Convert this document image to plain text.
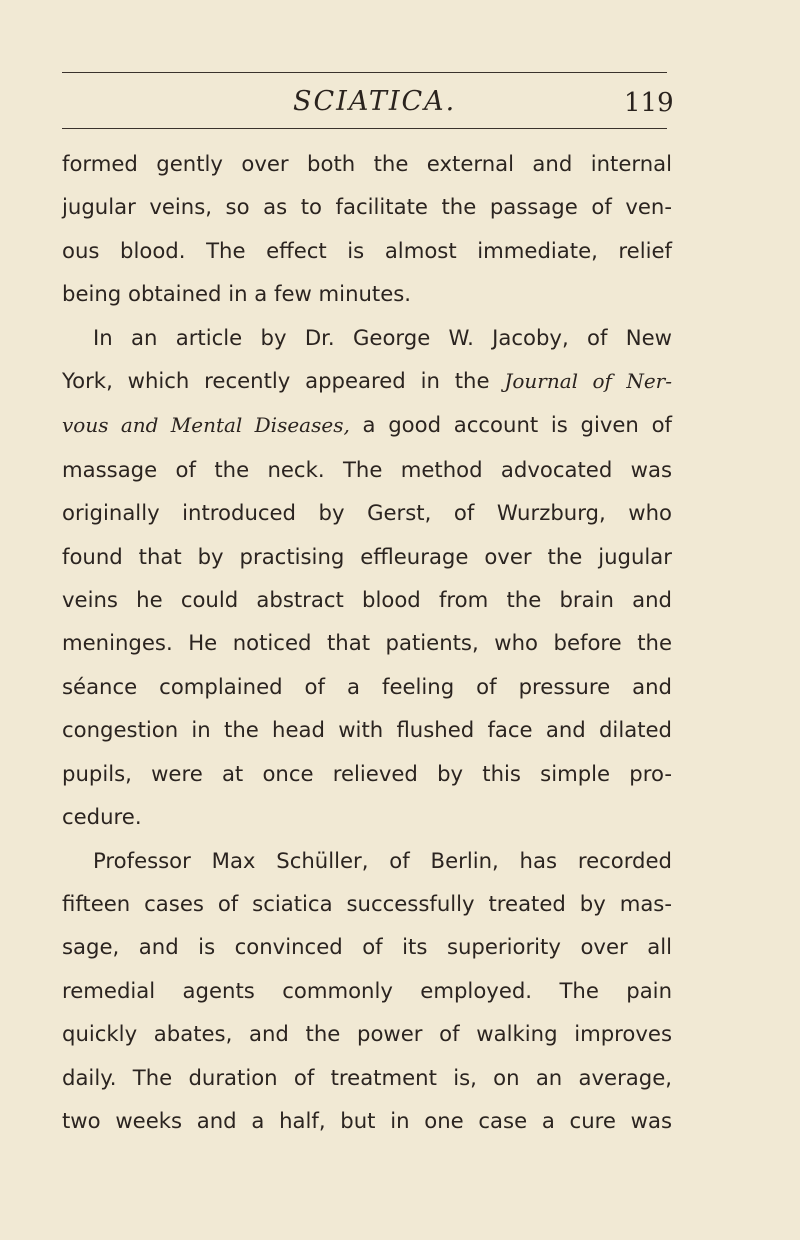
SCIATICA.	119
formed gently over both the external and internal
jugular veins, so as to facilitate the passage of ven-
ous blood. The effect is almost immediate, relief
being obtained in a few minutes.
In an article by Dr. George W. Jacoby, of New
York, which recently appeared in the Journal of Ner-
vous and Mental Diseases, a good account is given of
massage of the neck. The method advocated was
originally introduced by Gerst, of Wurzburg, who
found that by practising effleurage over the jugular
veins he could abstract blood from the brain and
meninges. He noticed that patients, who before the
séance complained of a feeling of pressure and
congestion in the head with flushed face and dilated
pupils, were at once relieved by this simple pro-
cedure.
Professor Max Schüller, of Berlin, has recorded
fifteen cases of sciatica successfully treated by mas-
sage, and is convinced of its superiority over all
remedial agents commonly employed. The pain
quickly abates, and the power of walking improves
daily. The duration of treatment is, on an average,
two weeks and a half, but in one case a cure was
